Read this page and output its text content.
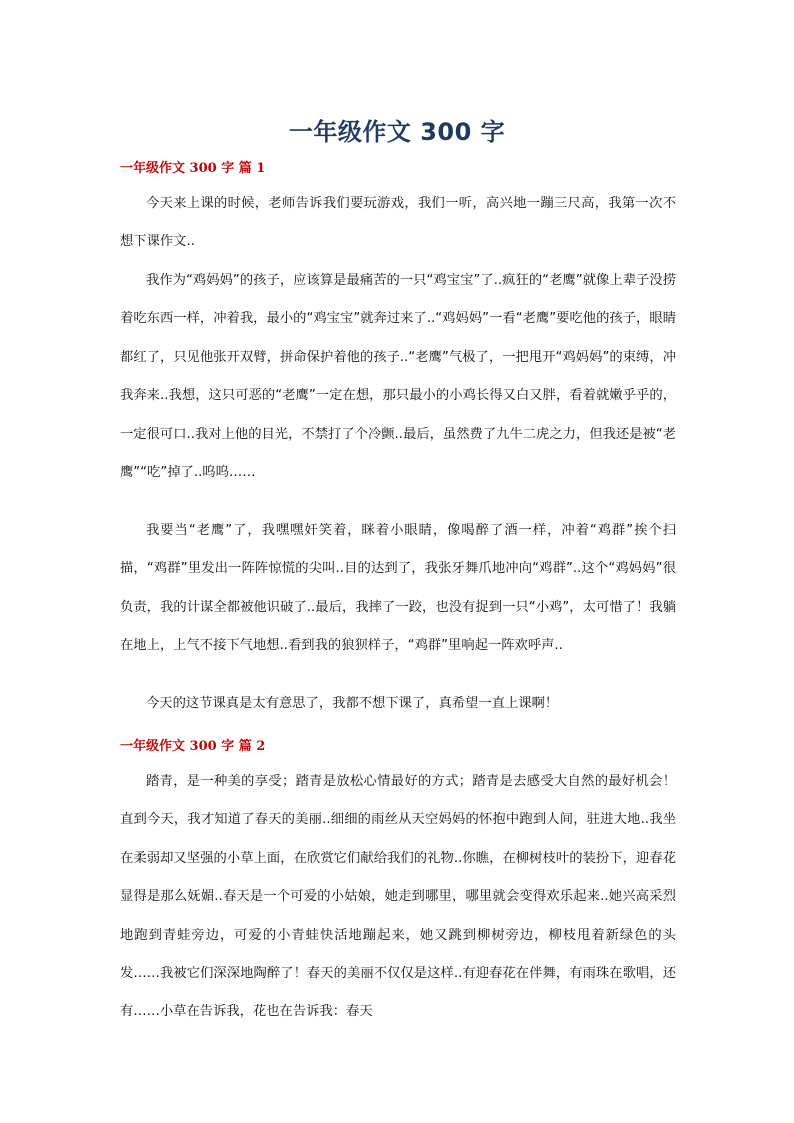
一年级作文 300 字
一年级作文 300 字 篇 1

今天来上课的时候，老师告诉我们要玩游戏，我们一听，高兴地一蹦三尺高，我第一次不想下课作文..

我作为“鸡妈妈”的孩子，应该算是最痛苦的一只“鸡宝宝”了..疯狂的“老鹰”就像上辈子没捞着吃东西一样，冲着我，最小的“鸡宝宝”就奔过来了..“鸡妈妈”一看“老鹰”要吃他的孩子，眼睛都红了，只见他张开双臂，拼命保护着他的孩子..“老鹰”气极了，一把甩开“鸡妈妈”的束缚，冲我奔来..我想，这只可恶的“老鹰”一定在想，那只最小的小鸡长得又白又胖，看着就嫩乎乎的，一定很可口..我对上他的目光，不禁打了个冷颤..最后，虽然费了九牛二虎之力，但我还是被“老鹰”“吃”掉了..呜呜……

我要当“老鹰”了，我嘿嘿奸笑着，眯着小眼睛，像喝醉了酒一样，冲着“鸡群”挨个扫描，“鸡群”里发出一阵阵惊慌的尖叫..目的达到了，我张牙舞爪地冲向“鸡群”..这个“鸡妈妈”很负责，我的计谋全都被他识破了..最后，我摔了一跤，也没有捉到一只“小鸡”，太可惜了！我躺在地上，上气不接下气地想..看到我的狼狈样子，“鸡群”里响起一阵欢呼声..

今天的这节课真是太有意思了，我都不想下课了，真希望一直上课啊！

一年级作文 300 字 篇 2

踏青，是一种美的享受；踏青是放松心情最好的方式；踏青是去感受大自然的最好机会！直到今天，我才知道了春天的美丽..细细的雨丝从天空妈妈的怀抱中跑到人间，驻进大地..我坐在柔弱却又坚强的小草上面，在欣赏它们献给我们的礼物..你瞧，在柳树枝叶的装扮下，迎春花显得是那么妩媚..春天是一个可爱的小姑娘，她走到哪里，哪里就会变得欢乐起来..她兴高采烈地跑到青蛙旁边，可爱的小青蛙快活地蹦起来，她又跳到柳树旁边，柳枝甩着新绿色的头发……我被它们深深地陶醉了！春天的美丽不仅仅是这样..有迎春花在伴舞，有雨珠在歌唱，还有……小草在告诉我，花也在告诉我：春天
